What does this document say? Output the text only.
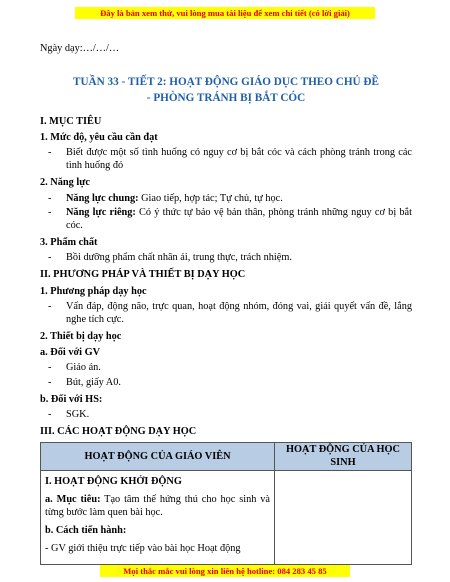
Đây là bản xem thử, vui lòng mua tài liệu để xem chi tiết (có lời giải)

Ngày dạy:…/…/…

TUẦN 33 - TIẾT 2: HOẠT ĐỘNG GIÁO DỤC THEO CHỦ ĐỀ
- PHÒNG TRÁNH BỊ BẮT CÓC
I. MỤC TIÊU
1. Mức độ, yêu cầu cần đạt
- Biết được một số tình huống có nguy cơ bị bắt cóc và cách phòng tránh trong các tình huống đó
2. Năng lực
- Năng lực chung: Giao tiếp, hợp tác; Tự chủ, tự học.
- Năng lực riêng: Có ý thức tự bảo vệ bản thân, phòng tránh những nguy cơ bị bắt cóc.
3. Phẩm chất
- Bồi dưỡng phẩm chất nhân ái, trung thực, trách nhiệm.
II. PHƯƠNG PHÁP VÀ THIẾT BỊ DẠY HỌC
1. Phương pháp dạy học
- Vấn đáp, động não, trực quan, hoạt động nhóm, đóng vai, giải quyết vấn đề, lắng nghe tích cực.
2. Thiết bị dạy học
a. Đối với GV
- Giáo án.
- Bút, giấy A0.
b. Đối với HS:
- SGK.
III. CÁC HOẠT ĐỘNG DẠY HỌC
HOẠT ĐỘNG CỦA GIÁO VIÊN	HOẠT ĐỘNG CỦA HỌC SINH

I. HOẠT ĐỘNG KHỞI ĐỘNG

a. Mục tiêu: Tạo tâm thế hứng thú cho học sinh và từng bước làm quen bài học.

b. Cách tiến hành:

- GV giới thiệu trực tiếp vào bài học Hoạt động	

Mọi thắc mắc vui lòng xin liên hệ hotline: 084 283 45 85
